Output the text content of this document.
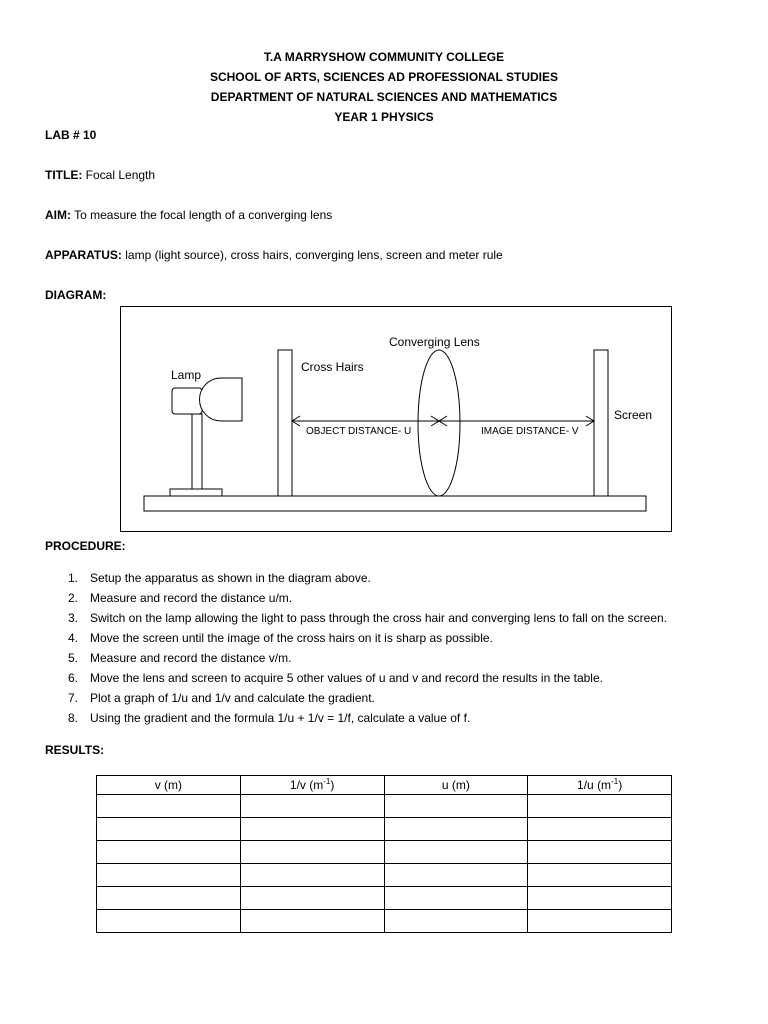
T.A MARRYSHOW COMMUNITY COLLEGE
SCHOOL OF ARTS, SCIENCES AD PROFESSIONAL STUDIES
DEPARTMENT OF NATURAL SCIENCES AND MATHEMATICS
YEAR 1 PHYSICS
LAB # 10
TITLE: Focal Length
AIM: To measure the focal length of a converging lens
APPARATUS: lamp (light source), cross hairs, converging lens, screen and meter rule
DIAGRAM:
Lamp
Cross Hairs
Converging Lens
Screen
OBJECT DISTANCE- U	IMAGE DISTANCE- V
PROCEDURE:
1. Setup the apparatus as shown in the diagram above.
2. Measure and record the distance u/m.
3. Switch on the lamp allowing the light to pass through the cross hair and converging lens to fall on the screen.
4. Move the screen until the image of the cross hairs on it is sharp as possible.
5. Measure and record the distance v/m.
6. Move the lens and screen to acquire 5 other values of u and v and record the results in the table.
7. Plot a graph of 1/u and 1/v and calculate the gradient.
8. Using the gradient and the formula 1/u + 1/v = 1/f, calculate a value of f.
RESULTS:
v (m)	1/v $(m^{-1})$	u (m)	1/u $(m^{-1})$
